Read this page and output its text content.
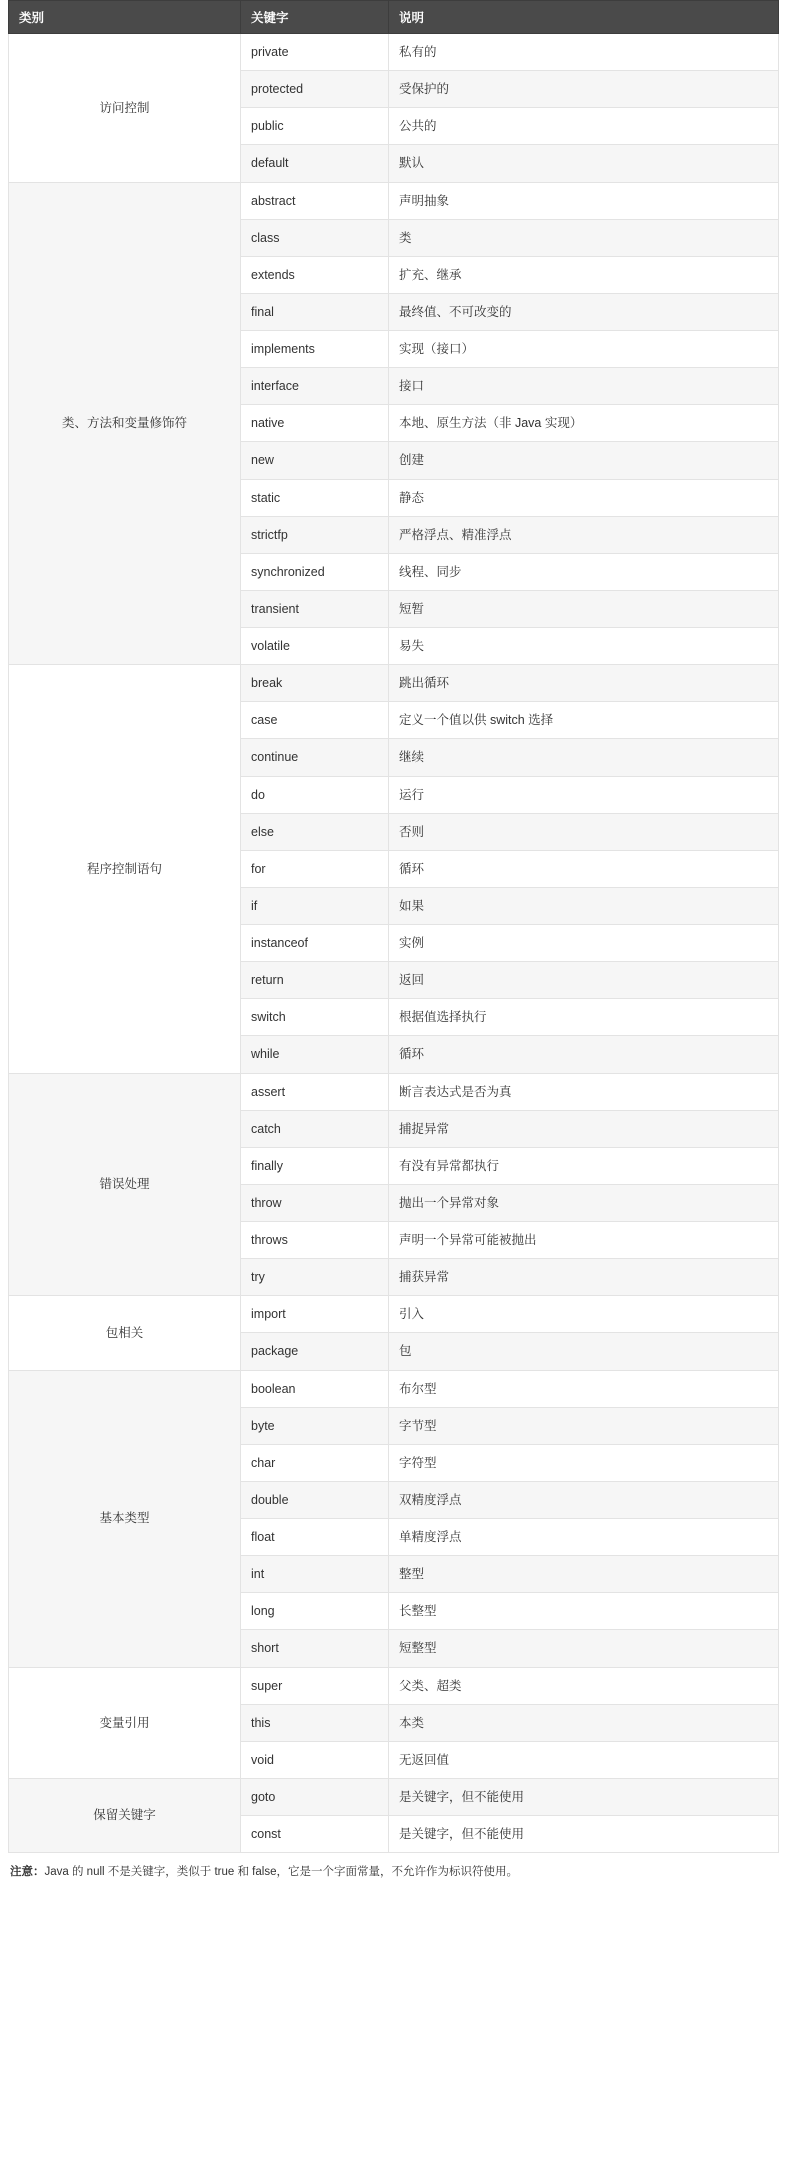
类别	关键字	说明
访问控制	private	私有的
	protected	受保护的
	public	公共的
	default	默认
类、方法和变量修饰符	abstract	声明抽象
	class	类
	extends	扩充、继承
	final	最终值、不可改变的
	implements	实现（接口）
	interface	接口
	native	本地、原生方法（非 Java 实现）
	new	创建
	static	静态
	strictfp	严格浮点、精准浮点
	synchronized	线程、同步
	transient	短暂
	volatile	易失
程序控制语句	break	跳出循环
	case	定义一个值以供 switch 选择
	continue	继续
	do	运行
	else	否则
	for	循环
	if	如果
	instanceof	实例
	return	返回
	switch	根据值选择执行
	while	循环
错误处理	assert	断言表达式是否为真
	catch	捕捉异常
	finally	有没有异常都执行
	throw	抛出一个异常对象
	throws	声明一个异常可能被抛出
	try	捕获异常
包相关	import	引入
	package	包
基本类型	boolean	布尔型
	byte	字节型
	char	字符型
	double	双精度浮点
	float	单精度浮点
	int	整型
	long	长整型
	short	短整型
变量引用	super	父类、超类
	this	本类
	void	无返回值
保留关键字	goto	是关键字，但不能使用
	const	是关键字，但不能使用
注意：Java 的 null 不是关键字，类似于 true 和 false，它是一个字面常量，不允许作为标识符使用。
